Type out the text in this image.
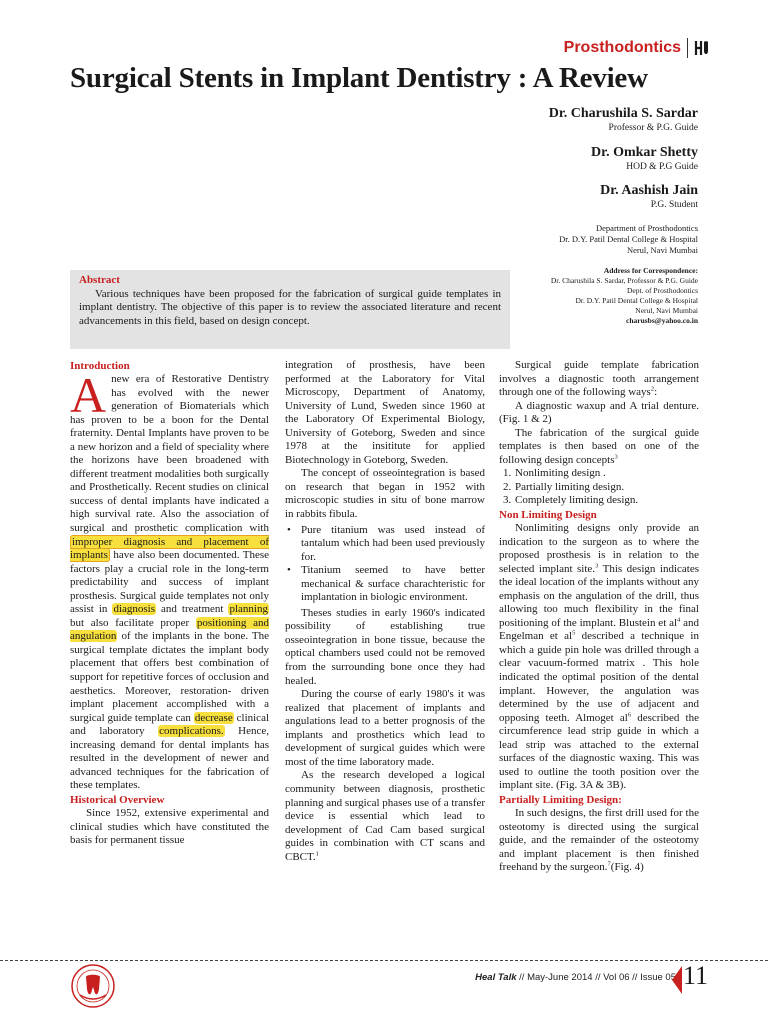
Prosthodontics
Surgical Stents in Implant Dentistry : A Review
Dr. Charushila S. Sardar
Professor & P.G. Guide
Dr. Omkar Shetty
HOD & P.G Guide
Dr. Aashish Jain
P.G. Student
Department of Prosthodontics
Dr. D.Y. Patil Dental College & Hospital
Nerul, Navi Mumbai
Address for Correspondence:
Dr. Charushila S. Sardar, Professor & P.G. Guide
Dept. of Prosthodontics
Dr. D.Y. Patil Dental College & Hospital
Nerul, Navi Mumbai
charusbs@yahoo.co.in
Abstract
Various techniques have been proposed for the fabrication of surgical guide templates in implant dentistry. The objective of this paper is to review the associated literature and recent advancements in this field, based on design concept.
Introduction
Anew era of Restorative Dentistry has evolved with the newer generation of Biomaterials which has proven to be a boon for the Dental fraternity. Dental Implants have proven to be a new horizon and a field of speciality where the horizons have been broadened with different treatment modalities both surgically and Prosthetically. Recent studies on clinical success of dental implants have indicated a high survival rate. Also the association of surgical and prosthetic complication with improper diagnosis and placement of implants have also been documented. These factors play a crucial role in the long-term predictability and success of implant prosthesis. Surgical guide templates not only assist in diagnosis and treatment planning but also facilitate proper positioning and angulation of the implants in the bone. The surgical template dictates the implant body placement that offers best combination of support for repetitive forces of occlusion and aesthetics. Moreover, restoration- driven implant placement accomplished with a surgical guide template can decrease clinical and laboratory complications. Hence, increasing demand for dental implants has resulted in the development of newer and advanced techniques for the fabrication of these templates.
Historical Overview
Since 1952, extensive experimental and clinical studies which have constituted the basis for permanent tissue
integration of prosthesis, have been performed at the Laboratory for Vital Microscopy, Department of Anatomy, University of Lund, Sweden since 1960 at the Laboratory Of Experimental Biology, University of Goteborg, Sweden and since 1978 at the insititute for applied Biotechnology in Goteborg, Sweden.
The concept of osseointegration is based on research that began in 1952 with microscopic studies in situ of bone marrow in rabbits fibula.
• Pure titanium was used instead of tantalum which had been used previously for.
• Titanium seemed to have better mechanical & surface charachteristic for implantation in biologic environment.
Theses studies in early 1960's indicated possibility of establishing true osseointegration in bone tissue, because the optical chambers used could not be removed from the surrounding bone once they had healed.
During the course of early 1980's it was realized that placement of implants and angulations lead to a better prognosis of the implants and prosthetics which lead to development of surgical guides which were most of the time laboratory made.
As the research developed a logical community between diagnosis, prosthetic planning and surgical phases use of a transfer device is essential which lead to development of Cad Cam based surgical guides in combination with CT scans and CBCT.$^1$
Surgical guide template fabrication involves a diagnostic tooth arrangement through one of the following ways$^2$:
A diagnostic waxup and A trial denture. (Fig. 1 & 2)
The fabrication of the surgical guide templates is then based on one of the following design concepts$^3$
1. Nonlimiting design .
2. Partially limiting design.
3. Completely limiting design.
Non Limiting Design
Nonlimiting designs only provide an indication to the surgeon as to where the proposed prosthesis is in relation to the selected implant site.$^3$ This design indicates the ideal location of the implants without any emphasis on the angulation of the drill, thus allowing too much flexibility in the final positioning of the implant. Blustein et $al^4$ and Engelman et $al^5$ described a technique in which a guide pin hole was drilled through a clear vacuum-formed matrix . This hole indicated the optimal position of the dental implant. However, the angulation was determined by the use of adjacent and opposing teeth. Almoget $al^6$ described the circumference lead strip guide in which a lead strip was attached to the external surfaces of the diagnostic waxing. This was used to outline the tooth position over the implant site. (Fig. 3A & 3B).
Partially Limiting Design:
In such designs, the first drill used for the osteotomy is directed using the surgical guide, and the remainder of the osteotomy and implant placement is then finished freehand by the surgeon.$^7$(Fig. 4)
Heal Talk // May-June 2014 // Vol 06 // Issue 05 11
